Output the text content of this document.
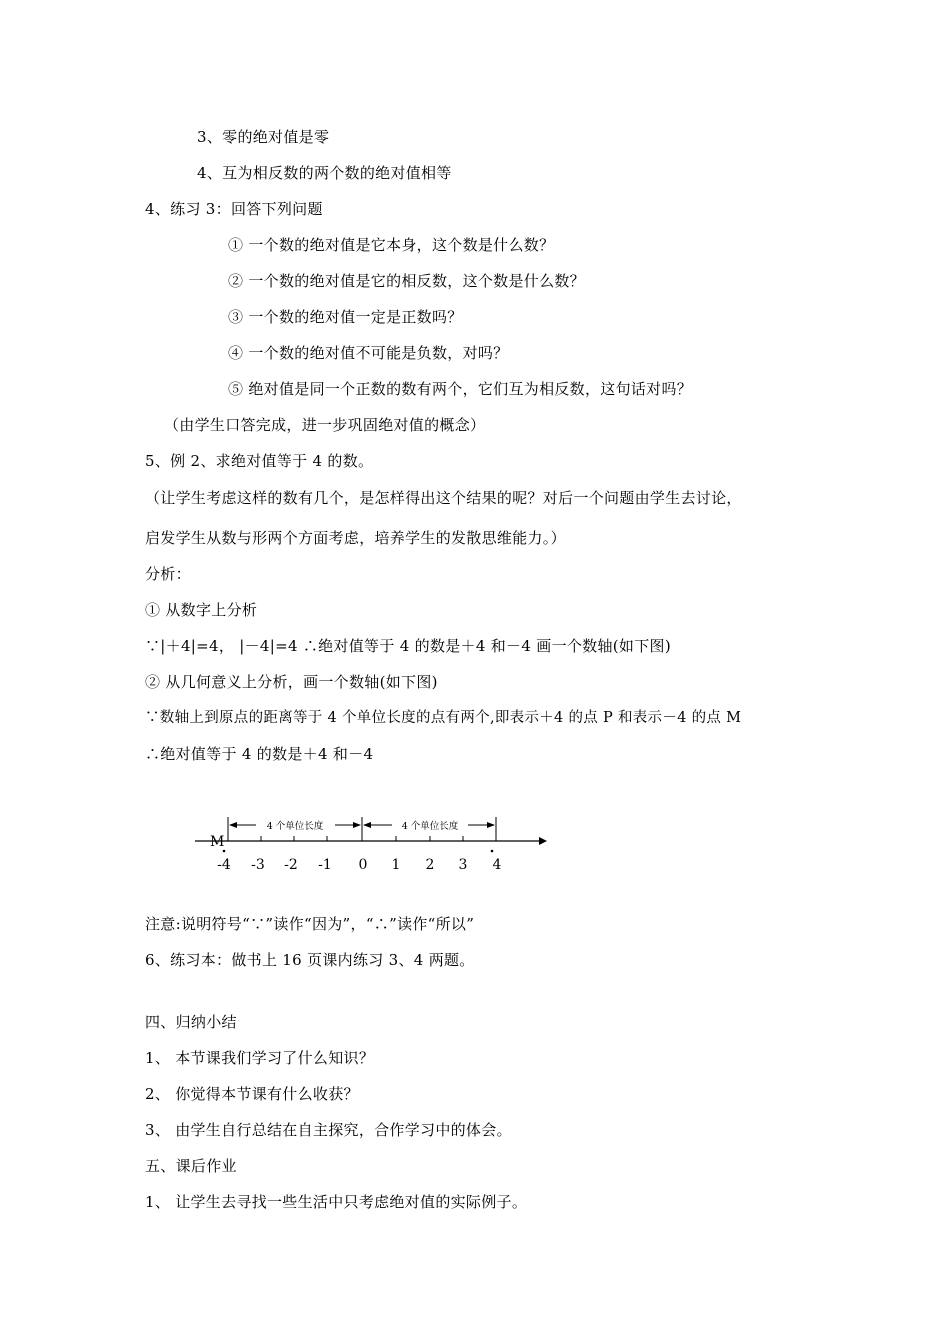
3、零的绝对值是零
4、互为相反数的两个数的绝对值相等
4、练习 3：回答下列问题
① 一个数的绝对值是它本身，这个数是什么数？
② 一个数的绝对值是它的相反数，这个数是什么数？
③ 一个数的绝对值一定是正数吗？
④ 一个数的绝对值不可能是负数，对吗？
⑤ 绝对值是同一个正数的数有两个，它们互为相反数，这句话对吗？
（由学生口答完成，进一步巩固绝对值的概念）
5、例 2、求绝对值等于 4 的数。
（让学生考虑这样的数有几个，是怎样得出这个结果的呢？对后一个问题由学生去讨论，
启发学生从数与形两个方面考虑，培养学生的发散思维能力。）
分析：
① 从数字上分析
∵|＋4|=4， |－4|=4 ∴绝对值等于 4 的数是＋4 和－4 画一个数轴(如下图)
② 从几何意义上分析，画一个数轴(如下图)
∵数轴上到原点的距离等于 4 个单位长度的点有两个,即表示＋4 的点 P 和表示－4 的点 M
∴绝对值等于 4 的数是＋4 和－4
4 个单位长度	4 个单位长度
M
-4 -3 -2 -1 0 1 2 3 4
注意:说明符号“∵”读作“因为”，“∴”读作“所以”
6、练习本：做书上 16 页课内练习 3、4 两题。
四、归纳小结
1、 本节课我们学习了什么知识？
2、 你觉得本节课有什么收获？
3、 由学生自行总结在自主探究，合作学习中的体会。
五、课后作业
1、 让学生去寻找一些生活中只考虑绝对值的实际例子。
